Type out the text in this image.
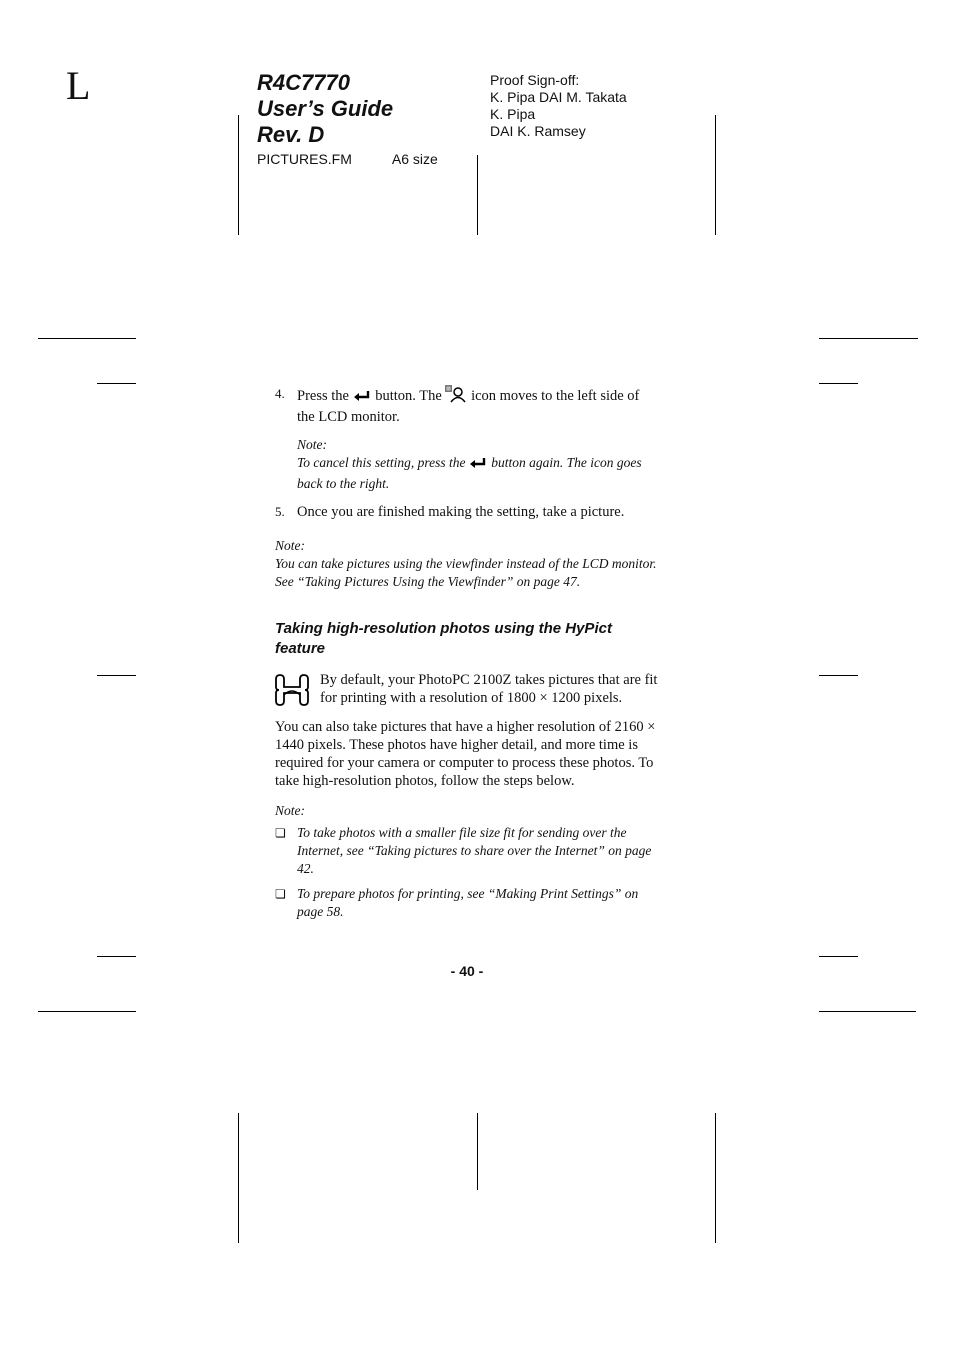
L	R4C7770
User’s Guide
Rev. D
PICTURES.FM	A6 size
Proof Sign-off:
K. Pipa DAI M. Takata
K. Pipa
DAI K. Ramsey
4. Press the button. The icon moves to the left side of the LCD monitor.
Note:
To cancel this setting, press the button again. The icon goes back to the right.
5. Once you are finished making the setting, take a picture.
Note:
You can take pictures using the viewfinder instead of the LCD monitor. See “Taking Pictures Using the Viewfinder” on page 47.
Taking high-resolution photos using the HyPict feature
By default, your PhotoPC 2100Z takes pictures that are fit for printing with a resolution of 1800 × 1200 pixels.
You can also take pictures that have a higher resolution of 2160 × 1440 pixels. These photos have higher detail, and more time is required for your camera or computer to process these photos. To take high-resolution photos, follow the steps below.
Note:
❏ To take photos with a smaller file size fit for sending over the Internet, see “Taking pictures to share over the Internet” on page 42.
❏ To prepare photos for printing, see “Making Print Settings” on page 58.
- 40 -
